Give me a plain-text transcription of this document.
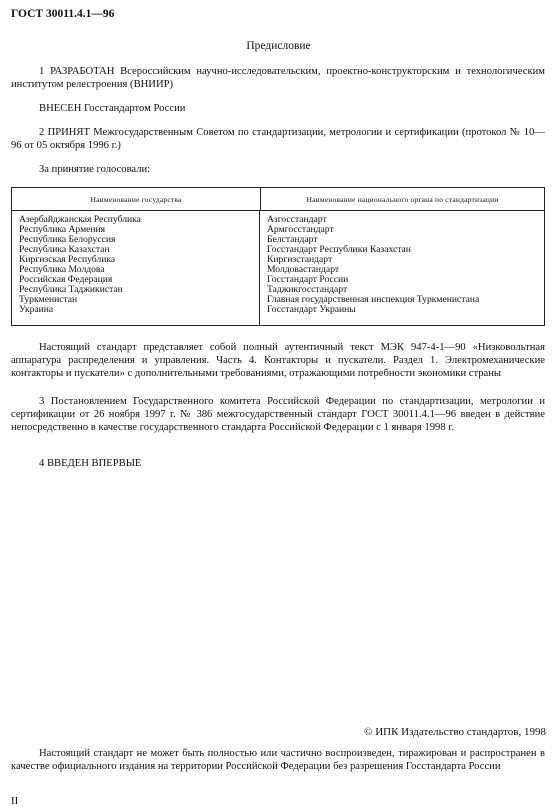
ГОСТ 30011.4.1—96
Предисловие

1 РАЗРАБОТАН Всероссийским научно-исследовательским, проектно-конструкторским и технологическим институтом релестроения (ВНИИР)

ВНЕСЕН Госстандартом России

2 ПРИНЯТ Межгосударственным Советом по стандартизации, метрологии и сертификации (протокол № 10—96 от 05 октября 1996 г.)

За принятие голосовали:

Наименование государства	Наименование национального органа по стандартизации
Азербайджанская Республика
Республика Армения
Республика Белоруссия
Республика Казахстан
Киргизская Республика
Республика Молдова
Российская Федерация
Республика Таджикистан
Туркменистан
Украина
Азгосстандарт
Армгосстандарт
Белстандарт
Госстандарт Республики Казахстан
Киргизстандарт
Молдовастандарт
Госстандарт России
Таджикгосстандарт
Главная государственная инспекция Туркменистана
Госстандарт Украины

Настоящий стандарт представляет собой полный аутентичный текст МЭК 947-4-1—90 «Низковольтная аппаратура распределения и управления. Часть 4. Контакторы и пускатели. Раздел 1. Электромеханические контакторы и пускатели» с дополнительными требованиями, отражающими потребности экономики страны

3 Постановлением Государственного комитета Российской Федерации по стандартизации, метрологии и сертификации от 26 ноября 1997 г. № 386 межгосударственный стандарт ГОСТ 30011.4.1—96 введен в действие непосредственно в качестве государственного стандарта Российской Федерации с 1 января 1998 г.

4 ВВЕДЕН ВПЕРВЫЕ

© ИПК Издательство стандартов, 1998

Настоящий стандарт не может быть полностью или частично воспроизведен, тиражирован и распространен в качестве официального издания на территории Российской Федерации без разрешения Госстандарта России

II
